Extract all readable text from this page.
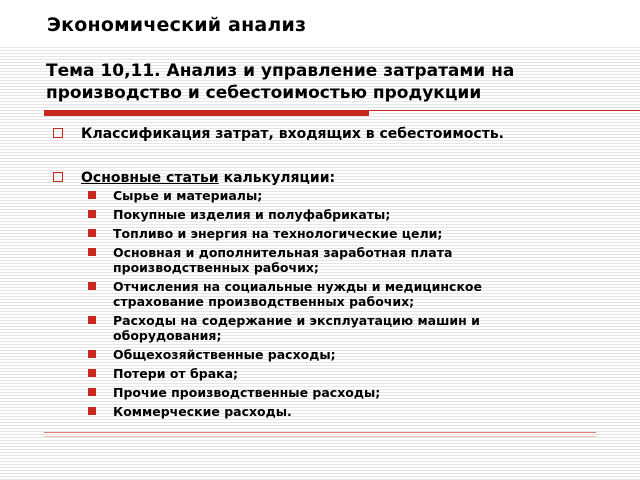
Экономический анализ
Тема 10,11. Анализ и управление затратами на производство и себестоимостью продукции
Классификация затрат, входящих в себестоимость.
Основные статьи калькуляции:
Сырье и материалы;
Покупные изделия и полуфабрикаты;
Топливо и энергия на технологические цели;
Основная и дополнительная заработная плата производственных рабочих;
Отчисления на социальные нужды и медицинское страхование производственных рабочих;
Расходы на содержание и эксплуатацию машин и оборудования;
Общехозяйственные расходы;
Потери от брака;
Прочие производственные расходы;
Коммерческие расходы.
